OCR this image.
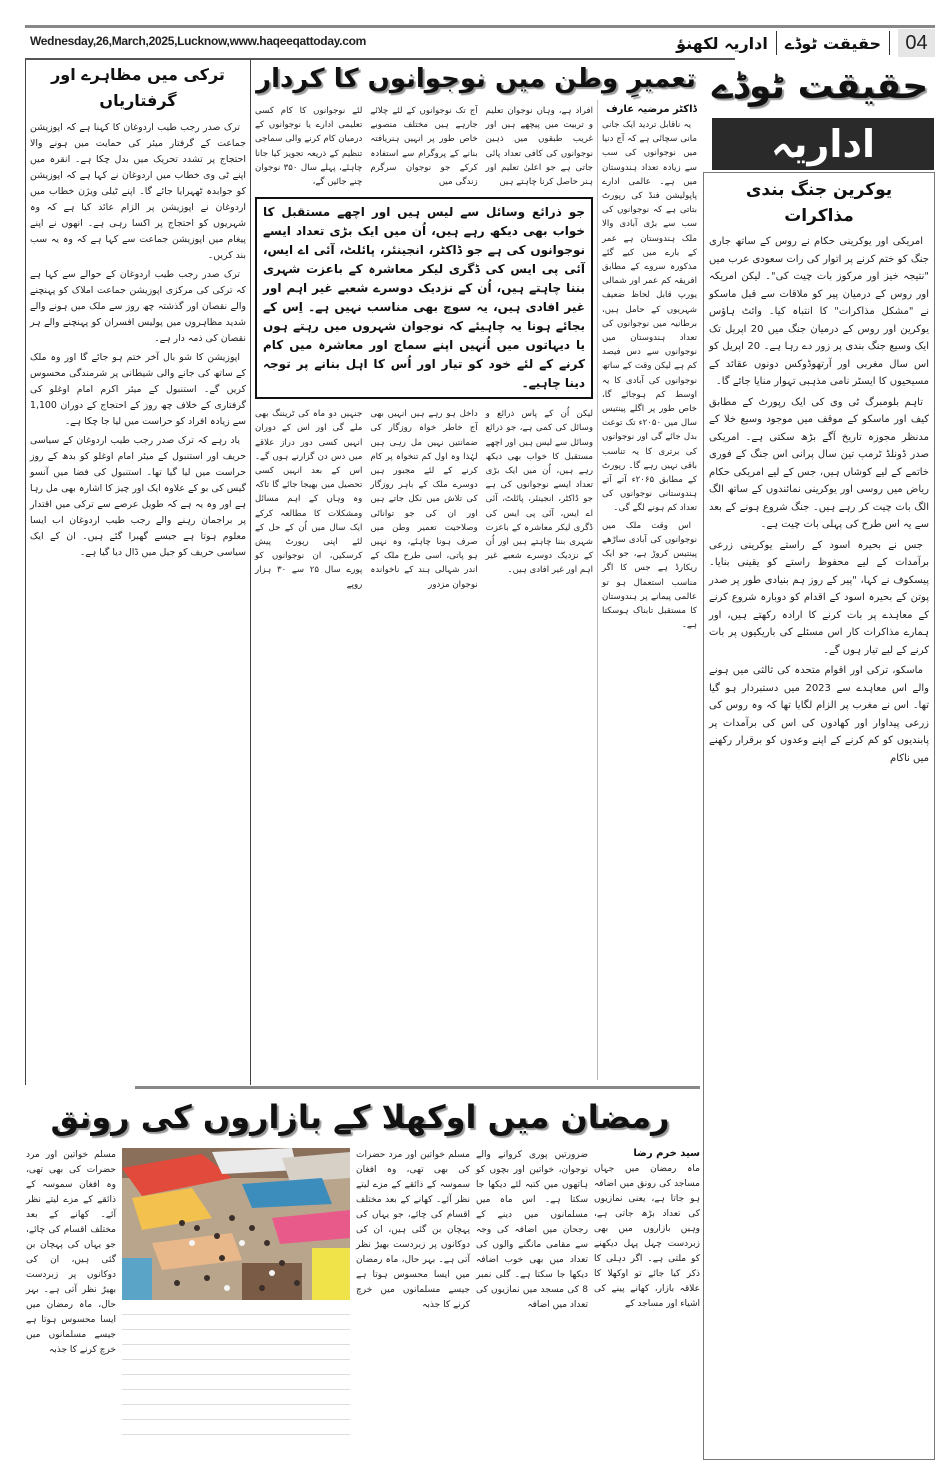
Wednesday,26,March,2025,Lucknow,www.haqeeqattoday.com	04
حقیقت ٹوڈے
اداریہ لکھنؤ
حقیقت ٹوڈے
اداریہ
یوکرین جنگ بندی مذاکرات

امریکی اور یوکرینی حکام نے روس کے ساتھ جاری جنگ کو ختم کرنے پر اتوار کی رات سعودی عرب میں "نتیجہ خیز اور مرکوز بات چیت کی"۔ لیکن امریکہ اور روس کے درمیان پیر کو ملاقات سے قبل ماسکو نے "مشکل مذاکرات" کا انتباہ کیا۔ وائٹ ہاؤس یوکرین اور روس کے درمیان جنگ میں 20 اپریل تک ایک وسیع جنگ بندی پر زور دے رہا ہے۔ 20 اپریل کو اس سال مغربی اور آرتھوڈوکس دونوں عقائد کے مسیحیوں کا ایسٹر نامی مذہبی تہوار منایا جائے گا۔

تاہم بلومبرگ ٹی وی کی ایک رپورٹ کے مطابق کیف اور ماسکو کے موقف میں موجود وسیع خلا کے مدنظر مجوزہ تاریخ آگے بڑھ سکتی ہے۔ امریکی صدر ڈونلڈ ٹرمپ تین سال پرانی اس جنگ کے فوری خاتمے کے لیے کوشاں ہیں، جس کے لیے امریکی حکام ریاض میں روسی اور یوکرینی نمائندوں کے ساتھ الگ الگ بات چیت کر رہے ہیں۔ جنگ شروع ہونے کے بعد سے یہ اس طرح کی پہلی بات چیت ہے۔

جس نے بحیرہ اسود کے راستے یوکرینی زرعی برآمدات کے لیے محفوظ راستے کو یقینی بنایا۔ پیسکوف نے کہا، "پیر کے روز ہم بنیادی طور پر صدر پوتن کے بحیرہ اسود کے اقدام کو دوبارہ شروع کرنے کے معاہدے پر بات کرنے کا ارادہ رکھتے ہیں، اور ہمارے مذاکرات کار اس مسئلے کی باریکیوں پر بات کرنے کے لیے تیار ہوں گے۔

ماسکو، ترکی اور اقوام متحدہ کی ثالثی میں ہونے والے اس معاہدے سے 2023 میں دستبردار ہو گیا تھا۔ اس نے مغرب پر الزام لگایا تھا کہ وہ روس کی زرعی پیداوار اور کھادوں کی اس کی برآمدات پر پابندیوں کو کم کرنے کے اپنے وعدوں کو برقرار رکھنے میں ناکام

تعمیرِ وطن میں نوجوانوں کا کردار
ڈاکٹر مرضیہ عارف

یہ ناقابل تردید ایک جانی مانی سچائی ہے کہ آج دنیا میں نوجوانوں کی سب سے زیادہ تعداد ہندوستان میں ہے۔ عالمی ادارے پاپولیشن فنڈ کی رپورٹ بتاتی ہے کہ نوجوانوں کی سب سے بڑی آبادی والا ملک ہندوستان ہے عمر کے بارے میں کیے گئے مذکورہ سروے کے مطابق افریقہ کم عمر اور شمالی یورپ قابل لحاظ ضعیف شہریوں کے حامل ہیں، برطانیہ میں نوجوانوں کی تعداد ہندوستان میں نوجوانوں سے دس فیصد کم ہے لیکن وقت کے ساتھ نوجوانوں کی آبادی کا یہ اوسط کم ہوجائے گا، خاص طور پر اگلے پینتیس سال میں ۲۰۵۰ء تک توعت بدل جائے گی اور نوجوانوں کی برتری کا یہ تناسب باقی نہیں رہے گا۔ رپورٹ کے مطابق ۲۰۶۵ء آتے آتے ہندوستانی نوجوانوں کی تعداد کم ہونے لگے گی۔

اس وقت ملک میں نوجوانوں کی آبادی ساڑھے پینتیس کروڑ ہے، جو ایک ریکارڈ ہے جس کا اگر مناسب استعمال ہو تو عالمی پیمانے پر ہندوستان کا مستقبل تابناک ہوسکتا ہے۔

افراد ہے، وہاں نوجوان تعلیم و تربیت میں پیچھے ہیں اور غریب طبقوں میں ذہین نوجوانوں کی کافی تعداد پائی جاتی ہے جو اعلیٰ تعلیم اور ہنر حاصل کرنا چاہتے ہیں
آج تک نوجوانوں کے لئے چلائے جارہے ہیں مختلف منصوبے خاص طور پر انہیں ہنریافتہ بنانے کے پروگرام سے استفادہ کرکے جو نوجوان سرگرم زندگی میں
لئے نوجوانوں کا کام کسی تعلیمی ادارے یا نوجوانوں کے درمیان کام کرنے والی سماجی تنظیم کے ذریعہ تجویز کیا جانا چاہئے، پہلے سال ۳۵۰ نوجوان چنے جائیں گے،
جو ذرائع وسائل سے لیس ہیں اور اچھے مستقبل کا خواب بھی دیکھ رہے ہیں، اُن میں ایک بڑی تعداد ایسے نوجوانوں کی ہے جو ڈاکٹر، انجینئر، پائلٹ، آئی اے ایس، آئی پی ایس کی ڈگری لیکر معاشرہ کے باعزت شہری بننا چاہتے ہیں، اُن کے نزدیک دوسرے شعبے غیر اہم اور غیر افادی ہیں، یہ سوچ بھی مناسب نہیں ہے۔ اِس کے بجائے ہونا یہ چاہیئے کہ نوجوان شہروں میں رہتے ہوں یا دیہاتوں میں اُنہیں اپنے سماج اور معاشرہ میں کام کرنے کے لئے خود کو تیار اور اُس کا اہل بنانے پر توجہ دینا چاہیے۔
لیکن اُن کے پاس ذرائع و وسائل کی کمی ہے، جو ذرائع وسائل سے لیس ہیں اور اچھے مستقبل کا خواب بھی دیکھ رہے ہیں، اُن میں ایک بڑی تعداد ایسے نوجوانوں کی ہے جو ڈاکٹر، انجینئر، پائلٹ، آئی اے ایس، آئی پی ایس کی ڈگری لیکر معاشرہ کے باعزت شہری بننا چاہتے ہیں اور اُن کے نزدیک دوسرے شعبے غیر اہم اور غیر افادی ہیں۔
داخل ہو رہے ہیں انہیں بھی آج خاطر خواہ روزگار کی ضمانتیں نہیں مل رہی ہیں لہٰذا وہ اول کم تنخواہ پر کام کرنے کے لئے مجبور ہیں دوسرے ملک کے باہر روزگار کی تلاش میں نکل جاتے ہیں اور ان کی جو توانائی وصلاحیت تعمیر وطن میں صرف ہونا چاہئے، وہ نہیں ہو پاتی، اسی طرح ملک کے اندر شہالی ہند کے ناخواندہ نوجوان مزدور
جنہیں دو ماہ کی ٹریننگ بھی ملے گی اور اس کے دوران انہیں کسی دور دراز علاقے میں دس دن گزارنے ہوں گے۔ اس کے بعد انہیں کسی تحصیل میں بھیجا جائے گا تاکہ وہ وہاں کے اہم مسائل ومشکلات کا مطالعہ کرکے ایک سال میں اُن کے حل کے لئے اپنی رپورٹ پیش کرسکیں، ان نوجوانوں کو پورے سال ۲۵ سے ۳۰ ہزار روپے
ترکی میں مظاہرے اور گرفتاریاں

ترک صدر رجب طیب اردوغان کا کہنا ہے کہ اپوزیشن جماعت کے گرفتار میئر کی حمایت میں ہونے والا احتجاج پر تشدد تحریک میں بدل چکا ہے۔ انقرہ میں اپنے ٹی وی خطاب میں اردوغان نے کہا ہے کہ اپوزیشن کو جوابدہ ٹھہرایا جائے گا۔ اپنے ٹیلی ویژن خطاب میں اردوغان نے اپوزیشن پر الزام عائد کیا ہے کہ وہ شہریوں کو احتجاج پر اکسا رہی ہے۔ انھوں نے اپنے پیغام میں اپوزیشن جماعت سے کہا ہے کہ وہ یہ سب بند کریں۔

ترک صدر رجب طیب اردوغان کے حوالے سے کہا ہے کہ ترکی کی مرکزی اپوزیشن جماعت املاک کو پہنچنے والے نقصان اور گذشتہ چھ روز سے ملک میں ہونے والے شدید مظاہروں میں پولیس افسران کو پہنچنے والے ہر نقصان کی ذمہ دار ہے۔

اپوزیشن کا شو بال آخر ختم ہو جائے گا اور وہ ملک کے ساتھ کی جانے والی شیطانی پر شرمندگی محسوس کریں گے۔ استنبول کے میئر اکرم امام اوغلو کی گرفتاری کے خلاف چھ روز کے احتجاج کے دوران 1,100 سے زیادہ افراد کو حراست میں لیا جا چکا ہے۔

یاد رہے کہ ترک صدر رجب طیب اردوغان کے سیاسی حریف اور استنبول کے میئر امام اوغلو کو بدھ کے روز حراست میں لیا گیا تھا۔ استنبول کی فضا میں آنسو گیس کی بو کے علاوہ ایک اور چیز کا اشارہ بھی مل رہا ہے اور وہ یہ ہے کہ طویل عرصے سے ترکی میں اقتدار پر براجمان رہنے والے رجب طیب اردوغان اب ایسا معلوم ہوتا ہے جیسے گھبرا گئے ہیں۔ ان کے ایک سیاسی حریف کو جیل میں ڈال دیا گیا ہے۔

رمضان میں اوکھلا کے بازاروں کی رونق
سید خرم رضا
ماہ رمضان میں جہاں مساجد کی رونق میں اضافہ ہو جاتا ہے، یعنی نمازیوں کی تعداد بڑھ جاتی ہے، وہیں بازاروں میں بھی زبردست چہل پہل دیکھنے کو ملتی ہے۔ اگر دہلی کا ذکر کیا جائے تو اوکھلا کا علاقہ بازار، کھانے پینے کی اشیاء اور مساجد کے
ضرورتیں پوری کروانے والے نوجوان، خواتین اور بچوں کو ہاتھوں میں کتبہ لئے دیکھا جا سکتا ہے۔ اس ماہ میں مسلمانوں میں دینے کے رجحان میں اضافہ کی وجہ سے مقامی مانگنے والوں کی تعداد میں بھی خوب اضافہ دیکھا جا سکتا ہے۔ گلی نمبر 8 کی مسجد میں نمازیوں کی تعداد میں اضافہ
مسلم خواتین اور مرد حضرات کی بھی تھی، وہ افغان سموسہ کے ذائقے کے مزے لیتے نظر آئے۔ کھانے کے بعد مختلف اقسام کی چائے، جو یہاں کی پہچان بن گئی ہیں، ان کی دوکانوں پر زبردست بھیڑ نظر آتی ہے۔ بہر حال، ماہ رمضان میں ایسا محسوس ہوتا ہے جیسے مسلمانوں میں خرچ کرنے کا جذبہ
مسلم خواتین اور مرد حضرات کی بھی تھی، وہ افغان سموسہ کے ذائقے کے مزے لیتے نظر آئے۔ کھانے کے بعد مختلف اقسام کی چائے، جو یہاں کی پہچان بن گئی ہیں، ان کی دوکانوں پر زبردست بھیڑ نظر آتی ہے۔ بہر حال، ماہ رمضان میں ایسا محسوس ہوتا ہے جیسے مسلمانوں میں خرچ کرنے کا جذبہ
